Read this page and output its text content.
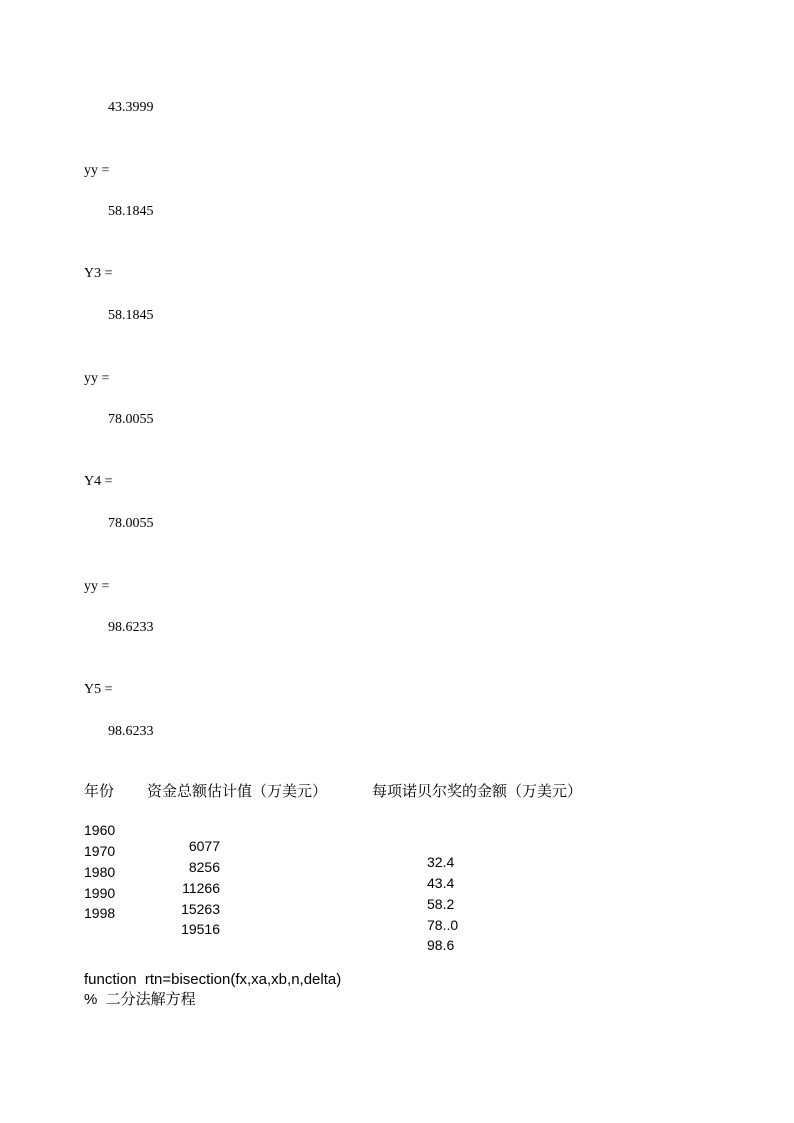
43.3999
yy =
58.1845
Y3 =
58.1845
yy =
78.0055
Y4 =
78.0055
yy =
98.6233
Y5 =
98.6233
年份 资金总额估计值（万美元）	每项诺贝尔奖的金额（万美元）

1960

6077

32.4

1970

8256

43.4

1980

11266

58.2

1990

15263

78..0

1998

19516

98.6

function  rtn=bisection(fx,xa,xb,n,delta)
%  二分法解方程
